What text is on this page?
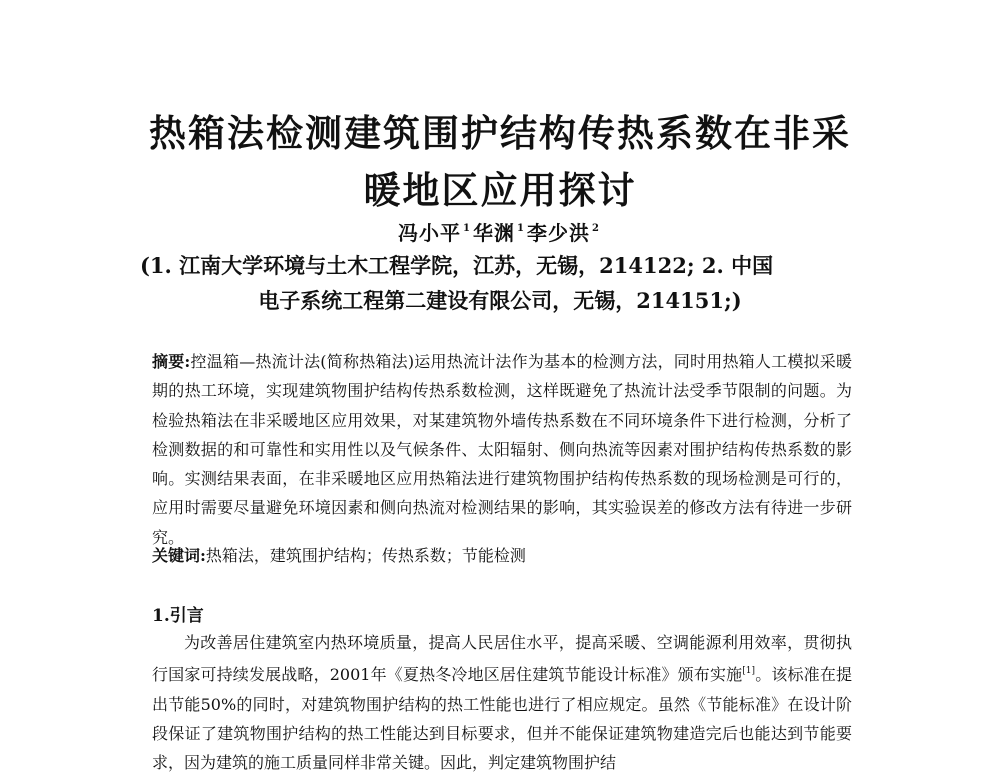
热箱法检测建筑围护结构传热系数在非采
暖地区应用探讨
冯小平 $^1$ 华渊 $^1$ 李少洪 $^2$
(1. 江南大学环境与土木工程学院，江苏，无锡，214122; 2. 中国
电子系统工程第二建设有限公司，无锡，214151;)
摘要:控温箱—热流计法(简称热箱法)运用热流计法作为基本的检测方法，同时用热箱人工模拟采暖期的热工环境，实现建筑物围护结构传热系数检测，这样既避免了热流计法受季节限制的问题。为检验热箱法在非采暖地区应用效果，对某建筑物外墙传热系数在不同环境条件下进行检测，分析了检测数据的和可靠性和实用性以及气候条件、太阳辐射、侧向热流等因素对围护结构传热系数的影响。实测结果表面，在非采暖地区应用热箱法进行建筑物围护结构传热系数的现场检测是可行的，应用时需要尽量避免环境因素和侧向热流对检测结果的影响，其实验误差的修改方法有待进一步研究。
关键词:热箱法，建筑围护结构；传热系数；节能检测
1.引言
为改善居住建筑室内热环境质量，提高人民居住水平，提高采暖、空调能源利用效率，贯彻执行国家可持续发展战略，2001年《夏热冬冷地区居住建筑节能设计标准》颁布实施[1]。该标准在提出节能50%的同时，对建筑物围护结构的热工性能也进行了相应规定。虽然《节能标准》在设计阶段保证了建筑物围护结构的热工性能达到目标要求，但并不能保证建筑物建造完后也能达到节能要求，因为建筑的施工质量同样非常关键。因此，判定建筑物围护结
